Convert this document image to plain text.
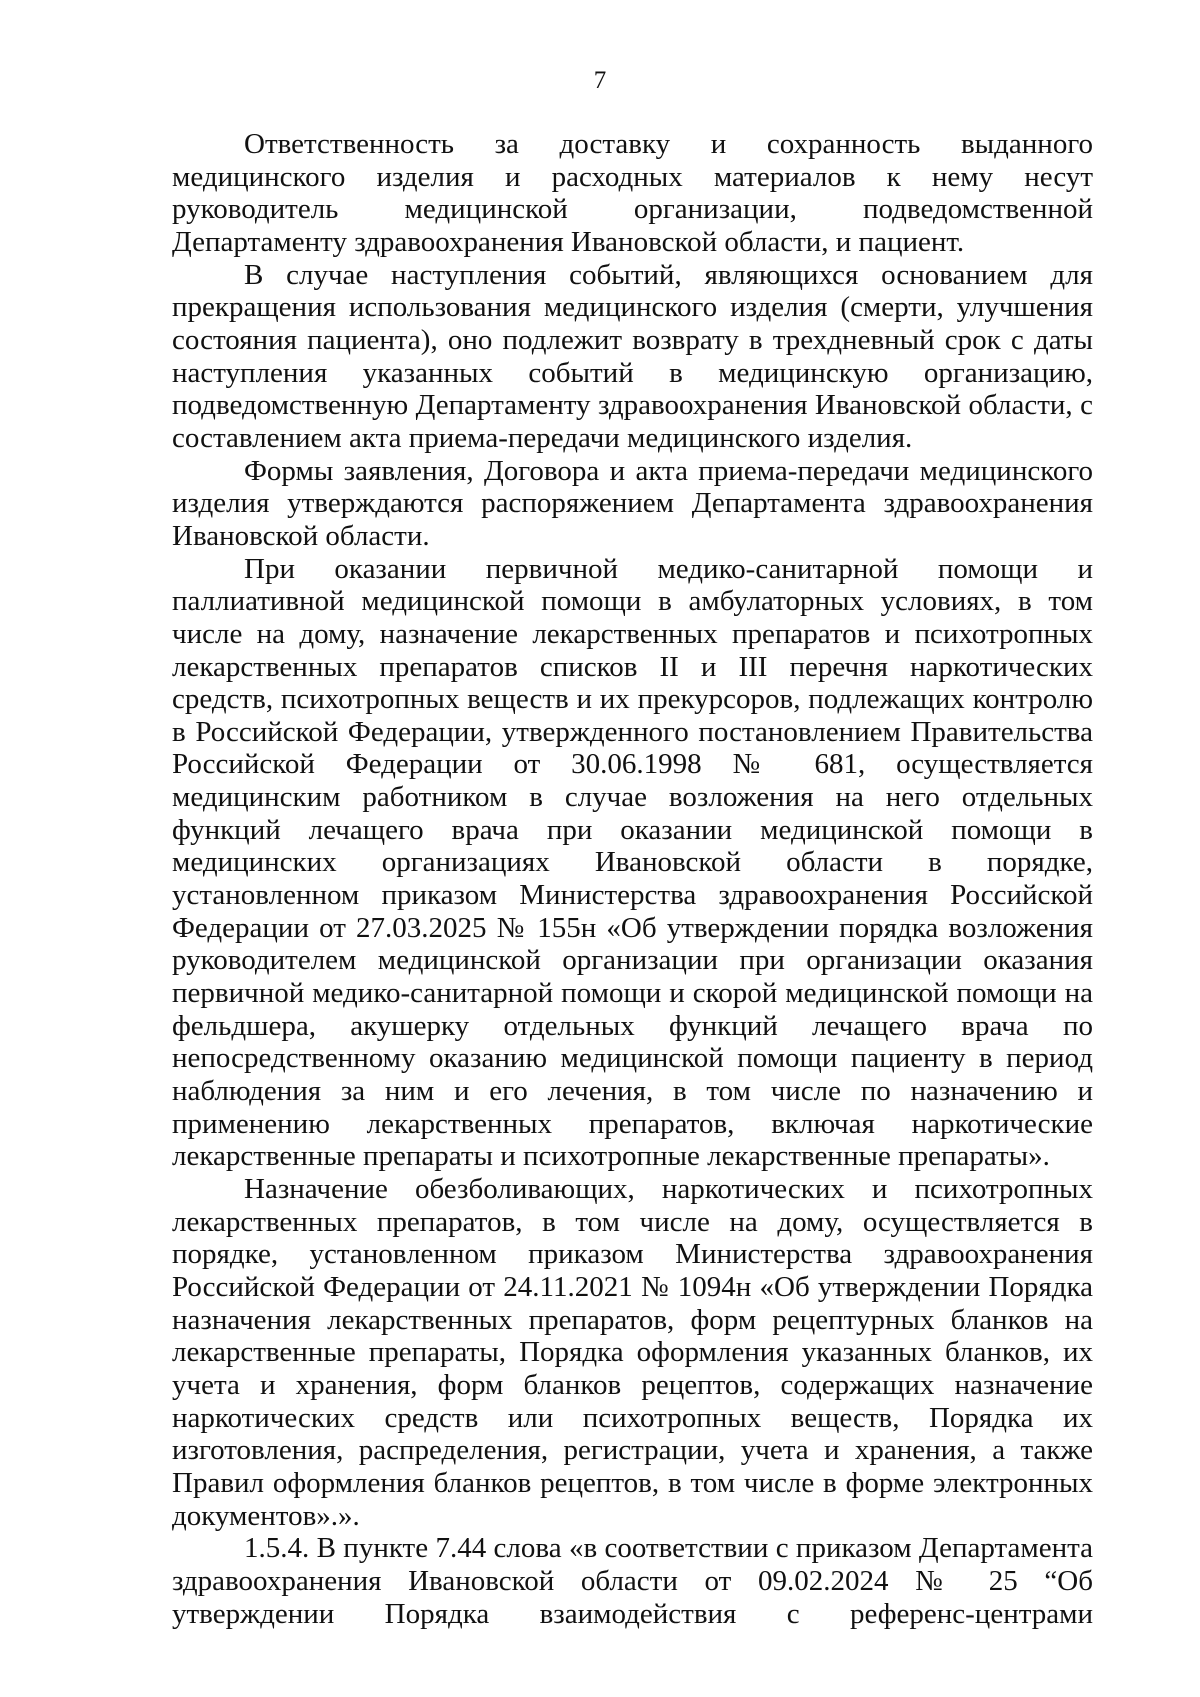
7

Ответственность за доставку и сохранность выданного медицинского изделия и расходных материалов к нему несут руководитель медицинской организации, подведомственной Департаменту здравоохранения Ивановской области, и пациент.

В случае наступления событий, являющихся основанием для прекращения использования медицинского изделия (смерти, улучшения состояния пациента), оно подлежит возврату в трехдневный срок с даты наступления указанных событий в медицинскую организацию, подведомственную Департаменту здравоохранения Ивановской области, с составлением акта приема-передачи медицинского изделия.

Формы заявления, Договора и акта приема-передачи медицинского изделия утверждаются распоряжением Департамента здравоохранения Ивановской области.

При оказании первичной медико-санитарной помощи и паллиативной медицинской помощи в амбулаторных условиях, в том числе на дому, назначение лекарственных препаратов и психотропных лекарственных препаратов списков II и III перечня наркотических средств, психотропных веществ и их прекурсоров, подлежащих контролю в Российской Федерации, утвержденного постановлением Правительства Российской Федерации от 30.06.1998 № 681, осуществляется медицинским работником в случае возложения на него отдельных функций лечащего врача при оказании медицинской помощи в медицинских организациях Ивановской области в порядке, установленном приказом Министерства здравоохранения Российской Федерации от 27.03.2025 № 155н «Об утверждении порядка возложения руководителем медицинской организации при организации оказания первичной медико-санитарной помощи и скорой медицинской помощи на фельдшера, акушерку отдельных функций лечащего врача по непосредственному оказанию медицинской помощи пациенту в период наблюдения за ним и его лечения, в том числе по назначению и применению лекарственных препаратов, включая наркотические лекарственные препараты и психотропные лекарственные препараты».

Назначение обезболивающих, наркотических и психотропных лекарственных препаратов, в том числе на дому, осуществляется в порядке, установленном приказом Министерства здравоохранения Российской Федерации от 24.11.2021 № 1094н «Об утверждении Порядка назначения лекарственных препаратов, форм рецептурных бланков на лекарственные препараты, Порядка оформления указанных бланков, их учета и хранения, форм бланков рецептов, содержащих назначение наркотических средств или психотропных веществ, Порядка их изготовления, распределения, регистрации, учета и хранения, а также Правил оформления бланков рецептов, в том числе в форме электронных документов».».

1.5.4. В пункте 7.44 слова «в соответствии с приказом Департамента здравоохранения Ивановской области от 09.02.2024 № 25 “Об утверждении Порядка взаимодействия с референс-центрами
